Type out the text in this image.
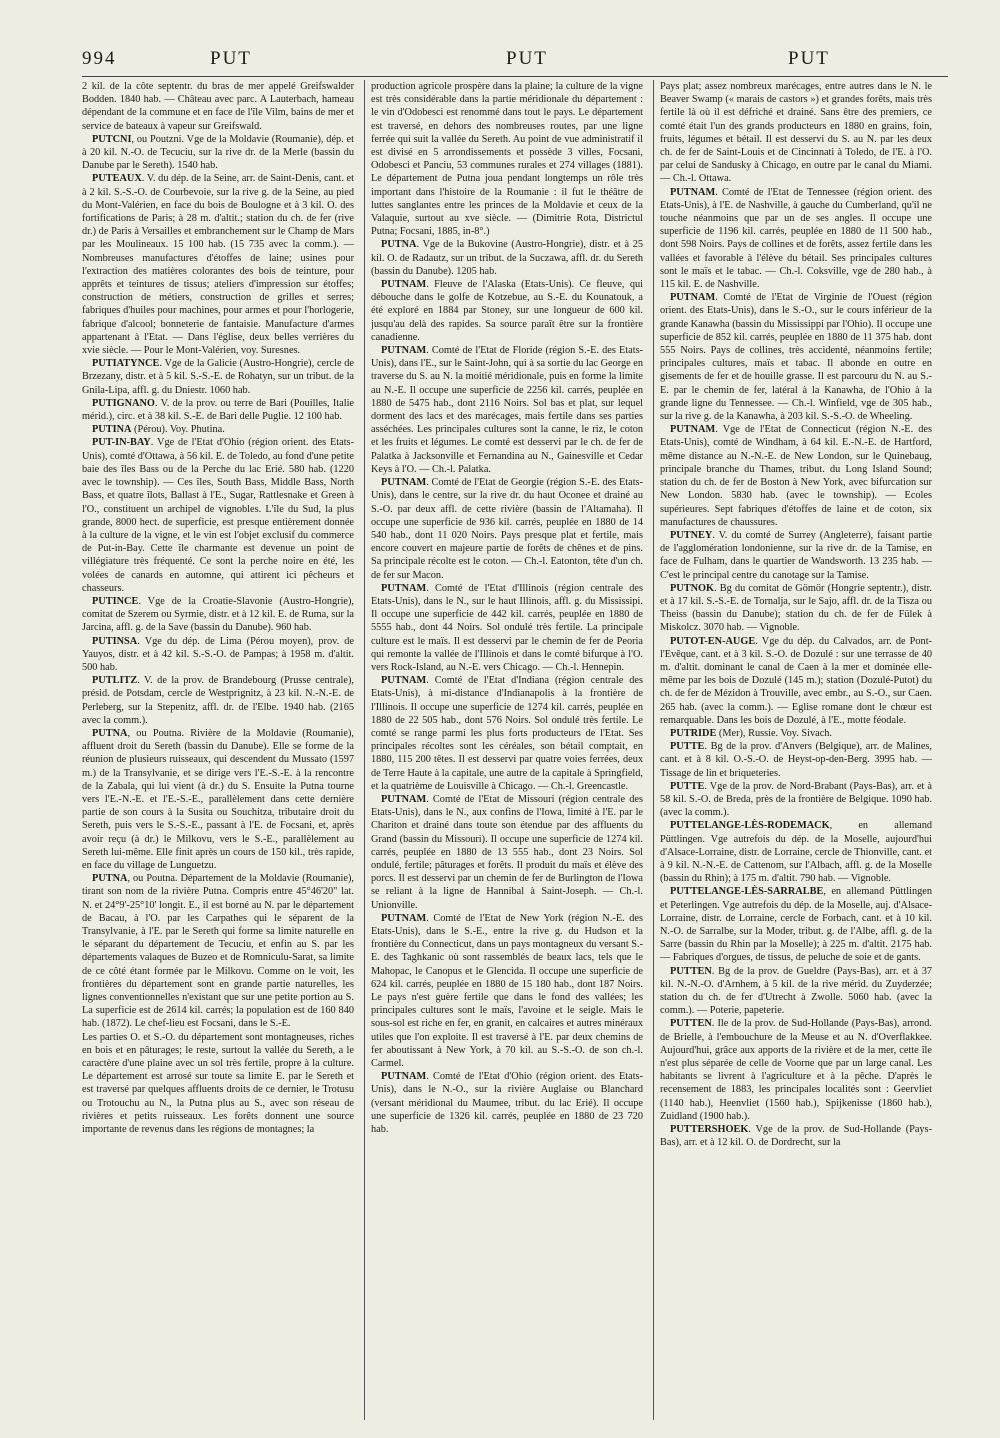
994	PUT	PUT	PUT

2 kil. de la côte septentr. du bras de mer appelé Greifswalder Bodden. 1840 hab. — Château avec parc. A Lauterbach, hameau dépendant de la commune et en face de l'île Vilm, bains de mer et service de bateaux à vapeur sur Greifswald.

PUTCNI, ou Poutzni. Vge de la Moldavie (Roumanie), dép. et à 20 kil. N.-O. de Tecuciu, sur la rive dr. de la Merle (bassin du Danube par le Sereth). 1540 hab.

PUTEAUX. V. du dép. de la Seine, arr. de Saint-Denis, cant. et à 2 kil. S.-S.-O. de Courbevoie, sur la rive g. de la Seine, au pied du Mont-Valérien, en face du bois de Boulogne et à 3 kil. O. des fortifications de Paris; à 28 m. d'altit.; station du ch. de fer (rive dr.) de Paris à Versailles et embranchement sur le Champ de Mars par les Moulineaux. 15 100 hab. (15 735 avec la comm.). — Nombreuses manufactures d'étoffes de laine; usines pour l'extraction des matières colorantes des bois de teinture, pour apprêts et teintures de tissus; ateliers d'impression sur étoffes; construction de métiers, construction de grilles et serres; fabriques d'huiles pour machines, pour armes et pour l'horlogerie, fabrique d'alcool; bonneterie de fantaisie. Manufacture d'armes appartenant à l'Etat. — Dans l'église, deux belles verrières du xvie siècle. — Pour le Mont-Valérien, voy. Suresnes.

PUTIATYNCE. Vge de la Galicie (Austro-Hongrie), cercle de Brzezany, distr. et à 5 kil. S.-S.-E. de Rohatyn, sur un tribut. de la Gnila-Lipa, affl. g. du Dniestr. 1060 hab.

PUTIGNANO. V. de la prov. ou terre de Bari (Pouilles, Italie mérid.), circ. et à 38 kil. S.-E. de Bari delle Puglie. 12 100 hab.

PUTINA (Pérou). Voy. Phutina.

PUT-IN-BAY. Vge de l'Etat d'Ohio (région orient. des Etats-Unis), comté d'Ottawa, à 56 kil. E. de Toledo, au fond d'une petite baie des îles Bass ou de la Perche du lac Erié. 580 hab. (1220 avec le township). — Ces îles, South Bass, Middle Bass, North Bass, et quatre îlots, Ballast à l'E., Sugar, Rattlesnake et Green à l'O., constituent un archipel de vignobles. L'île du Sud, la plus grande, 8000 hect. de superficie, est presque entièrement donnée à la culture de la vigne, et le vin est l'objet exclusif du commerce de Put-in-Bay. Cette île charmante est devenue un point de villégiature très fréquenté. Ce sont la perche noire en été, les volées de canards en automne, qui attirent ici pêcheurs et chasseurs.

PUTINCE. Vge de la Croatie-Slavonie (Austro-Hongrie), comitat de Szerem ou Syrmie, distr. et à 12 kil. E. de Ruma, sur la Jarcina, affl. g. de la Save (bassin du Danube). 960 hab.

PUTINSA. Vge du dép. de Lima (Pérou moyen), prov. de Yauyos, distr. et à 42 kil. S.-S.-O. de Pampas; à 1958 m. d'altit. 500 hab.

PUTLITZ. V. de la prov. de Brandebourg (Prusse centrale), présid. de Potsdam, cercle de Westprignitz, à 23 kil. N.-N.-E. de Perleberg, sur la Stepenitz, affl. dr. de l'Elbe. 1940 hab. (2165 avec la comm.).

PUTNA, ou Poutna. Rivière de la Moldavie (Roumanie), affluent droit du Sereth (bassin du Danube). Elle se forme de la réunion de plusieurs ruisseaux, qui descendent du Mussato (1597 m.) de la Transylvanie, et se dirige vers l'E.-S.-E. à la rencontre de la Zabala, qui lui vient (à dr.) du S. Ensuite la Putna tourne vers l'E.-N.-E. et l'E.-S.-E., parallèlement dans cette dernière partie de son cours à la Susita ou Souchitza, tributaire droit du Sereth, puis vers le S.-S.-E., passant à l'E. de Focsani, et, après avoir reçu (à dr.) le Milkovu, vers le S.-E., parallèlement au Sereth lui-même. Elle finit après un cours de 150 kil., très rapide, en face du village de Lunguetzu.

PUTNA, ou Poutna. Département de la Moldavie (Roumanie), tirant son nom de la rivière Putna. Compris entre 45°46'20" lat. N. et 24°9'-25°10' longit. E., il est borné au N. par le département de Bacau, à l'O. par les Carpathes qui le séparent de la Transylvanie, à l'E. par le Sereth qui forme sa limite naturelle en le séparant du département de Tecuciu, et enfin au S. par les départements valaques de Buzeo et de Romniculu-Sarat, sa limite de ce côté étant formée par le Milkovu. Comme on le voit, les frontières du département sont en grande partie naturelles, les lignes conventionnelles n'existant que sur une petite portion au S. La superficie est de 2614 kil. carrés; la population est de 160 840 hab. (1872). Le chef-lieu est Focsani, dans le S.-E.

Les parties O. et S.-O. du département sont montagneuses, riches en bois et en pâturages; le reste, surtout la vallée du Sereth, a le caractère d'une plaine avec un sol très fertile, propre à la culture. Le département est arrosé sur toute sa limite E. par le Sereth et est traversé par quelques affluents droits de ce dernier, le Trotusu ou Trotouchu au N., la Putna plus au S., avec son réseau de rivières et petits ruisseaux. Les forêts donnent une source importante de revenus dans les régions de montagnes; la

production agricole prospère dans la plaine; la culture de la vigne est très considérable dans la partie méridionale du département : le vin d'Odobesci est renommé dans tout le pays. Le département est traversé, en dehors des nombreuses routes, par une ligne ferrée qui suit la vallée du Sereth. Au point de vue administratif il est divisé en 5 arrondissements et possède 3 villes, Focsani, Odobesci et Panciu, 53 communes rurales et 274 villages (1881). Le département de Putna joua pendant longtemps un rôle très important dans l'histoire de la Roumanie : il fut le théâtre de luttes sanglantes entre les princes de la Moldavie et ceux de la Valaquie, surtout au xve siècle. — (Dimitrie Rota, Districtul Putna; Focsani, 1885, in-8°.)

PUTNA. Vge de la Bukovine (Austro-Hongrie), distr. et à 25 kil. O. de Radautz, sur un tribut. de la Suczawa, affl. dr. du Sereth (bassin du Danube). 1205 hab.

PUTNAM. Fleuve de l'Alaska (Etats-Unis). Ce fleuve, qui débouche dans le golfe de Kotzebue, au S.-E. du Kounatouk, a été exploré en 1884 par Stoney, sur une longueur de 600 kil. jusqu'au delà des rapides. Sa source paraît être sur la frontière canadienne.

PUTNAM. Comté de l'Etat de Floride (région S.-E. des Etats-Unis), dans l'E., sur le Saint-John, qui à sa sortie du lac George en traverse du S. au N. la moitié méridionale, puis en forme la limite au N.-E. Il occupe une superficie de 2256 kil. carrés, peuplée en 1880 de 5475 hab., dont 2116 Noirs. Sol bas et plat, sur lequel dorment des lacs et des marécages, mais fertile dans ses parties asséchées. Les principales cultures sont la canne, le riz, le coton et les fruits et légumes. Le comté est desservi par le ch. de fer de Palatka à Jacksonville et Fernandina au N., Gainesville et Cedar Keys à l'O. — Ch.-l. Palatka.

PUTNAM. Comté de l'Etat de Georgie (région S.-E. des Etats-Unis), dans le centre, sur la rive dr. du haut Oconee et drainé au S.-O. par deux affl. de cette rivière (bassin de l'Altamaha). Il occupe une superficie de 936 kil. carrés, peuplée en 1880 de 14 540 hab., dont 11 020 Noirs. Pays presque plat et fertile, mais encore couvert en majeure partie de forêts de chênes et de pins. Sa principale récolte est le coton. — Ch.-l. Eatonton, tête d'un ch. de fer sur Macon.

PUTNAM. Comté de l'Etat d'Illinois (région centrale des Etats-Unis), dans le N., sur le haut Illinois, affl. g. du Mississipi. Il occupe une superficie de 442 kil. carrés, peuplée en 1880 de 5555 hab., dont 44 Noirs. Sol ondulé très fertile. La principale culture est le maïs. Il est desservi par le chemin de fer de Peoria qui remonte la vallée de l'Illinois et dans le comté bifurque à l'O. vers Rock-Island, au N.-E. vers Chicago. — Ch.-l. Hennepin.

PUTNAM. Comté de l'Etat d'Indiana (région centrale des Etats-Unis), à mi-distance d'Indianapolis à la frontière de l'Illinois. Il occupe une superficie de 1274 kil. carrés, peuplée en 1880 de 22 505 hab., dont 576 Noirs. Sol ondulé très fertile. Le comté se range parmi les plus forts producteurs de l'Etat. Ses principales récoltes sont les céréales, son bétail comptait, en 1880, 115 200 têtes. Il est desservi par quatre voies ferrées, deux de Terre Haute à la capitale, une autre de la capitale à Springfield, et la quatrième de Louisville à Chicago. — Ch.-l. Greencastle.

PUTNAM. Comté de l'Etat de Missouri (région centrale des Etats-Unis), dans le N., aux confins de l'Iowa, limité à l'E. par le Chariton et drainé dans toute son étendue par des affluents du Grand (bassin du Missouri). Il occupe une superficie de 1274 kil. carrés, peuplée en 1880 de 13 555 hab., dont 23 Noirs. Sol ondulé, fertile; pâturages et forêts. Il produit du maïs et élève des porcs. Il est desservi par un chemin de fer de Burlington de l'Iowa se reliant à la ligne de Hannibal à Saint-Joseph. — Ch.-l. Unionville.

PUTNAM. Comté de l'Etat de New York (région N.-E. des Etats-Unis), dans le S.-E., entre la rive g. du Hudson et la frontière du Connecticut, dans un pays montagneux du versant S.-E. des Taghkanic où sont rassemblés de beaux lacs, tels que le Mahopac, le Canopus et le Glencida. Il occupe une superficie de 624 kil. carrés, peuplée en 1880 de 15 180 hab., dont 187 Noirs. Le pays n'est guère fertile que dans le fond des vallées; les principales cultures sont le maïs, l'avoine et le seigle. Mais le sous-sol est riche en fer, en granit, en calcaires et autres minéraux utiles que l'on exploite. Il est traversé à l'E. par deux chemins de fer aboutissant à New York, à 70 kil. au S.-S.-O. de son ch.-l. Carmel.

PUTNAM. Comté de l'Etat d'Ohio (région orient. des Etats-Unis), dans le N.-O., sur la rivière Auglaise ou Blanchard (versant méridional du Maumee, tribut. du lac Erié). Il occupe une superficie de 1326 kil. carrés, peuplée en 1880 de 23 720 hab.

Pays plat; assez nombreux marécages, entre autres dans le N. le Beaver Swamp (« marais de castors ») et grandes forêts, mais très fertile là où il est défriché et drainé. Sans être des premiers, ce comté était l'un des grands producteurs en 1880 en grains, foin, fruits, légumes et bétail. Il est desservi du S. au N. par les deux ch. de fer de Saint-Louis et de Cincinnati à Toledo, de l'E. à l'O. par celui de Sandusky à Chicago, en outre par le canal du Miami. — Ch.-l. Ottawa.

PUTNAM. Comté de l'Etat de Tennessee (région orient. des Etats-Unis), à l'E. de Nashville, à gauche du Cumberland, qu'il ne touche néanmoins que par un de ses angles. Il occupe une superficie de 1196 kil. carrés, peuplée en 1880 de 11 500 hab., dont 598 Noirs. Pays de collines et de forêts, assez fertile dans les vallées et favorable à l'élève du bétail. Ses principales cultures sont le maïs et le tabac. — Ch.-l. Coksville, vge de 280 hab., à 115 kil. E. de Nashville.

PUTNAM. Comté de l'Etat de Virginie de l'Ouest (région orient. des Etats-Unis), dans le S.-O., sur le cours inférieur de la grande Kanawha (bassin du Mississippi par l'Ohio). Il occupe une superficie de 852 kil. carrés, peuplée en 1880 de 11 375 hab. dont 555 Noirs. Pays de collines, très accidenté, néanmoins fertile; principales cultures, maïs et tabac. Il abonde en outre en gisements de fer et de houille grasse. Il est parcouru du N. au S.-E. par le chemin de fer, latéral à la Kanawha, de l'Ohio à la grande ligne du Tennessee. — Ch.-l. Winfield, vge de 305 hab., sur la rive g. de la Kanawha, à 203 kil. S.-S.-O. de Wheeling.

PUTNAM. Vge de l'Etat de Connecticut (région N.-E. des Etats-Unis), comté de Windham, à 64 kil. E.-N.-E. de Hartford, même distance au N.-N.-E. de New London, sur le Quinebaug, principale branche du Thames, tribut. du Long Island Sound; station du ch. de fer de Boston à New York, avec bifurcation sur New London. 5830 hab. (avec le township). — Ecoles supérieures. Sept fabriques d'étoffes de laine et de coton, six manufactures de chaussures.

PUTNEY. V. du comté de Surrey (Angleterre), faisant partie de l'agglomération londonienne, sur la rive dr. de la Tamise, en face de Fulham, dans le quartier de Wandsworth. 13 235 hab. — C'est le principal centre du canotage sur la Tamise.

PUTNOK. Bg du comitat de Gömör (Hongrie septentr.), distr. et à 17 kil. S.-S.-E. de Tornalja, sur le Sajo, affl. dr. de la Tisza ou Theiss (bassin du Danube); station du ch. de fer de Fülek à Miskolcz. 3070 hab. — Vignoble.

PUTOT-EN-AUGE. Vge du dép. du Calvados, arr. de Pont-l'Evêque, cant. et à 3 kil. S.-O. de Dozulé : sur une terrasse de 40 m. d'altit. dominant le canal de Caen à la mer et dominée elle-même par les bois de Dozulé (145 m.); station (Dozulé-Putot) du ch. de fer de Mézidon à Trouville, avec embr., au S.-O., sur Caen. 265 hab. (avec la comm.). — Eglise romane dont le chœur est remarquable. Dans les bois de Dozulé, à l'E., motte féodale.

PUTRIDE (Mer), Russie. Voy. Sivach.

PUTTE. Bg de la prov. d'Anvers (Belgique), arr. de Malines, cant. et à 8 kil. O.-S.-O. de Heyst-op-den-Berg. 3995 hab. — Tissage de lin et briqueteries.

PUTTE. Vge de la prov. de Nord-Brabant (Pays-Bas), arr. et à 58 kil. S.-O. de Breda, près de la frontière de Belgique. 1090 hab. (avec la comm.).

PUTTELANGE-LÈS-RODEMACK, en allemand Püttlingen. Vge autrefois du dép. de la Moselle, aujourd'hui d'Alsace-Lorraine, distr. de Lorraine, cercle de Thionville, cant. et à 9 kil. N.-N.-E. de Cattenom, sur l'Albach, affl. g. de la Moselle (bassin du Rhin); à 175 m. d'altit. 790 hab. — Vignoble.

PUTTELANGE-LÈS-SARRALBE, en allemand Püttlingen et Peterlingen. Vge autrefois du dép. de la Moselle, auj. d'Alsace-Lorraine, distr. de Lorraine, cercle de Forbach, cant. et à 10 kil. N.-O. de Sarralbe, sur la Moder, tribut. g. de l'Albe, affl. g. de la Sarre (bassin du Rhin par la Moselle); à 225 m. d'altit. 2175 hab. — Fabriques d'orgues, de tissus, de peluche de soie et de gants.

PUTTEN. Bg de la prov. de Gueldre (Pays-Bas), arr. et à 37 kil. N.-N.-O. d'Arnhem, à 5 kil. de la rive mérid. du Zuyderzée; station du ch. de fer d'Utrecht à Zwolle. 5060 hab. (avec la comm.). — Poterie, papeterie.

PUTTEN. Ile de la prov. de Sud-Hollande (Pays-Bas), arrond. de Brielle, à l'embouchure de la Meuse et au N. d'Overflakkee. Aujourd'hui, grâce aux apports de la rivière et de la mer, cette île n'est plus séparée de celle de Voorne que par un large canal. Les habitants se livrent à l'agriculture et à la pêche. D'après le recensement de 1883, les principales localités sont : Geervliet (1140 hab.), Heenvliet (1560 hab.), Spijkenisse (1860 hab.), Zuidland (1900 hab.).

PUTTERSHOEK. Vge de la prov. de Sud-Hollande (Pays-Bas), arr. et à 12 kil. O. de Dordrecht, sur la
